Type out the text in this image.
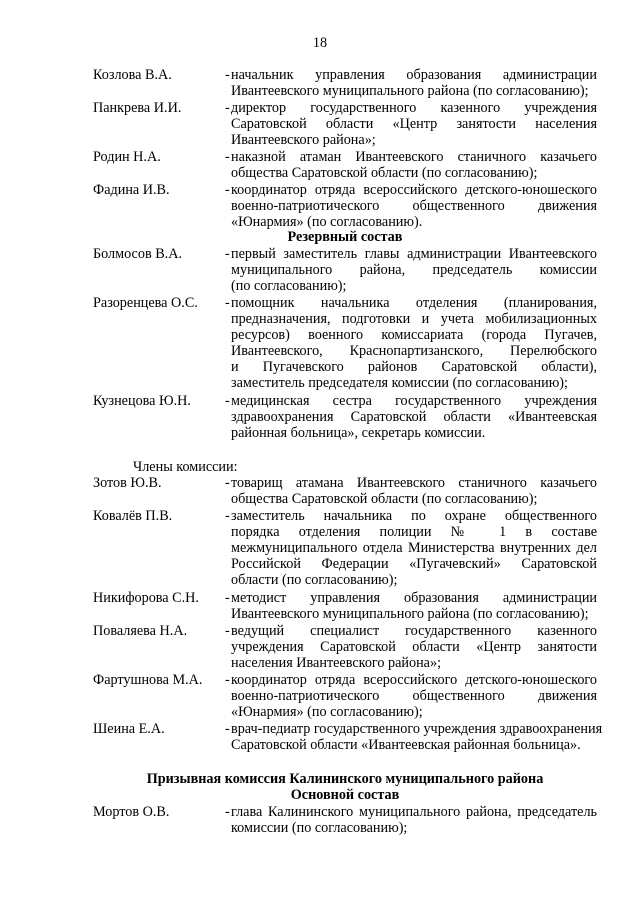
18
Козлова В.А.	- начальник управления образования администрации
Ивантеевского муниципального района (по согласованию);
Панкрева И.И.	- директор государственного казенного учреждения
Саратовской области «Центр занятости населения
Ивантеевского района»;
Родин Н.А.	- наказной атаман Ивантеевского станичного казачьего
общества Саратовской области (по согласованию);
Фадина И.В.	- координатор отряда всероссийского детского-юношеского
военно-патриотического общественного движения
«Юнармия» (по согласованию).
Резервный состав
Болмосов В.А.	- первый заместитель главы администрации Ивантеевского
муниципального района, председатель комиссии
(по согласованию);
Разоренцева О.С. - помощник начальника отделения (планирования,
предназначения, подготовки и учета мобилизационных
ресурсов) военного комиссариата (города Пугачев,
Ивантеевского, Краснопартизанского, Перелюбского
и Пугачевского районов Саратовской области),
заместитель председателя комиссии (по согласованию);
Кузнецова Ю.Н. - медицинская сестра государственного учреждения
здравоохранения Саратовской области «Ивантеевская
районная больница», секретарь комиссии.
Члены комиссии:
Зотов Ю.В.	- товарищ атамана Ивантеевского станичного казачьего
общества Саратовской области (по согласованию);
Ковалёв П.В.	- заместитель начальника по охране общественного
порядка отделения полиции № 1 в составе
межмуниципального отдела Министерства внутренних дел
Российской Федерации «Пугачевский» Саратовской
области (по согласованию);
Никифорова С.Н. - методист управления образования администрации
Ивантеевского муниципального района (по согласованию);
Поваляева Н.А.	- ведущий специалист государственного казенного
учреждения Саратовской области «Центр занятости
населения Ивантеевского района»;
Фартушнова М.А. - координатор отряда всероссийского детского-юношеского
военно-патриотического общественного движения
«Юнармия» (по согласованию);
Шеина Е.А.	- врач-педиатр государственного учреждения здравоохранения
Саратовской области «Ивантеевская районная больница».
Призывная комиссия Калининского муниципального района
Основной состав
Мортов О.В.	- глава Калининского муниципального района, председатель
комиссии (по согласованию);
